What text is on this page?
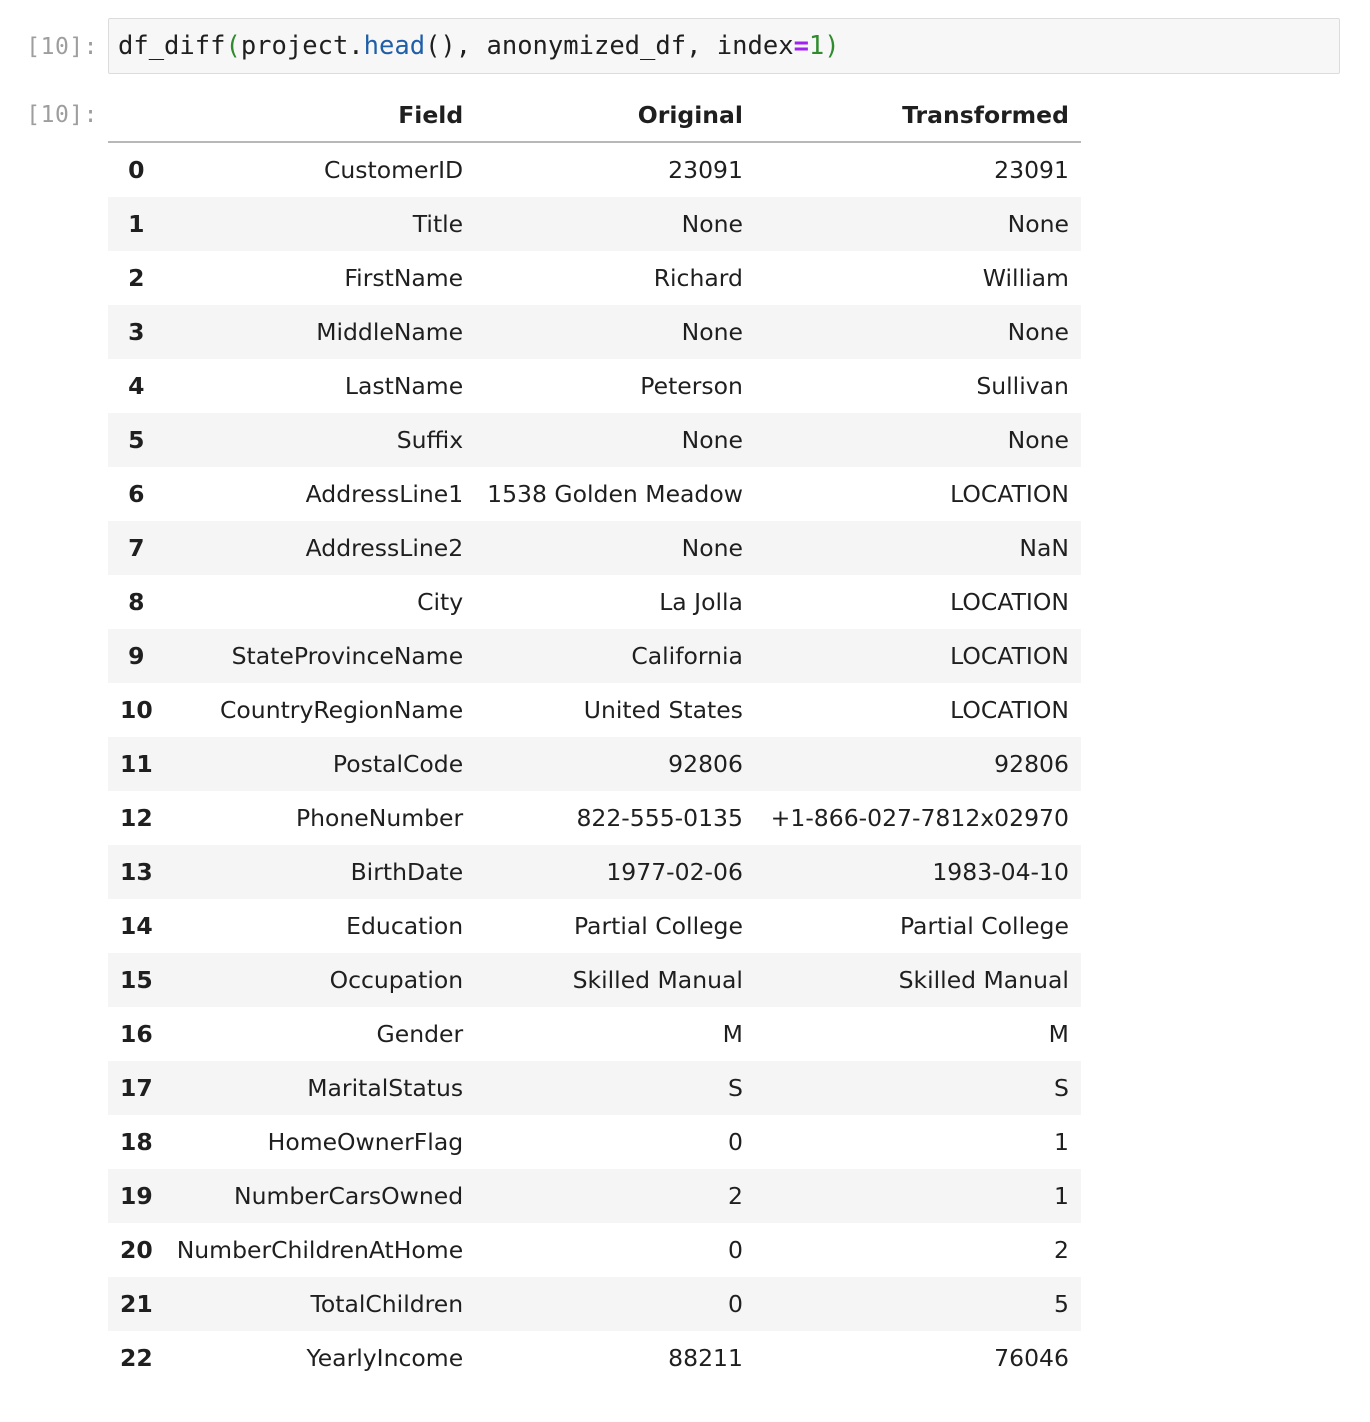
[10]: df_diff(project.head(), anonymized_df, index=1)
[10]:
		Field	Original	Transformed
0	CustomerID	23091	23091
1	Title	None	None
2	FirstName	Richard	William
3	MiddleName	None	None
4	LastName	Peterson	Sullivan
5	Suffix	None	None
6	AddressLine1	1538 Golden Meadow	LOCATION
7	AddressLine2	None	NaN
8	City	La Jolla	LOCATION
9	StateProvinceName	California	LOCATION
10	CountryRegionName	United States	LOCATION
11	PostalCode	92806	92806
12	PhoneNumber	822-555-0135	+1-866-027-7812x02970
13	BirthDate	1977-02-06	1983-04-10
14	Education	Partial College	Partial College
15	Occupation	Skilled Manual	Skilled Manual
16	Gender	M	M
17	MaritalStatus	S	S
18	HomeOwnerFlag	0	1
19	NumberCarsOwned	2	1
20	NumberChildrenAtHome	0	2
21	TotalChildren	0	5
22	YearlyIncome	88211	76046
